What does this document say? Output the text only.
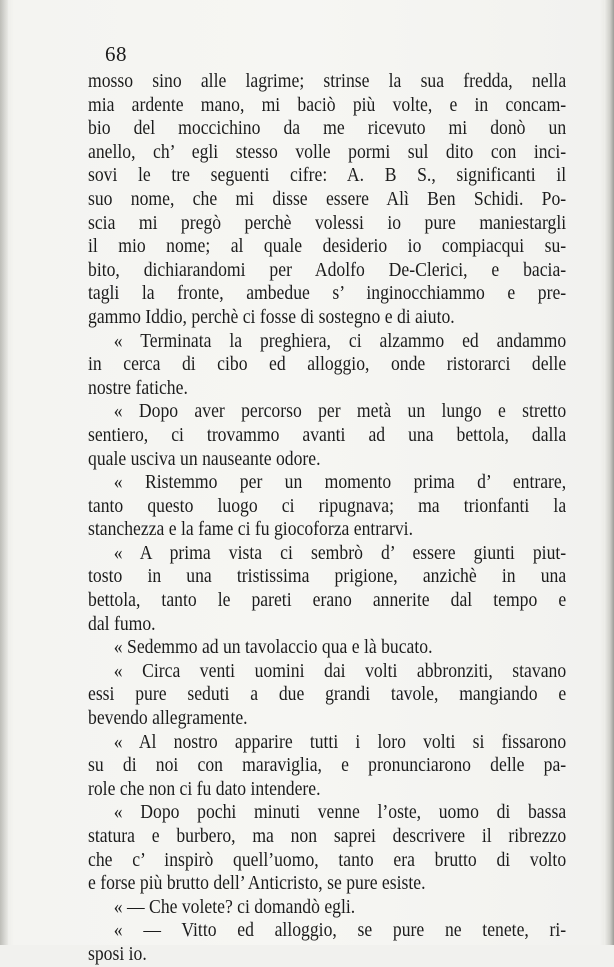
68
mosso sino alle lagrime; strinse la sua fredda, nella
mia ardente mano, mi baciò più volte, e in concam-
bio del moccichino da me ricevuto mi donò un
anello, ch’ egli stesso volle pormi sul dito con inci-
sovi le tre seguenti cifre: A. B S., significanti il
suo nome, che mi disse essere Alì Ben Schidi. Po-
scia mi pregò perchè volessi io pure maniestargli
il mio nome; al quale desiderio io compiacqui su-
bito, dichiarandomi per Adolfo De-Clerici, e bacia-
tagli la fronte, ambedue s’ inginocchiammo e pre-
gammo Iddio, perchè ci fosse di sostegno e di aiuto.
« Terminata la preghiera, ci alzammo ed andammo
in cerca di cibo ed alloggio, onde ristorarci delle
nostre fatiche.
« Dopo aver percorso per metà un lungo e stretto
sentiero, ci trovammo avanti ad una bettola, dalla
quale usciva un nauseante odore.
« Ristemmo per un momento prima d’ entrare,
tanto questo luogo ci ripugnava; ma trionfanti la
stanchezza e la fame ci fu giocoforza entrarvi.
« A prima vista ci sembrò d’ essere giunti piut-
tosto in una tristissima prigione, anzichè in una
bettola, tanto le pareti erano annerite dal tempo e
dal fumo.
« Sedemmo ad un tavolaccio qua e là bucato.
« Circa venti uomini dai volti abbronziti, stavano
essi pure seduti a due grandi tavole, mangiando e
bevendo allegramente.
« Al nostro apparire tutti i loro volti si fissarono
su di noi con maraviglia, e pronunciarono delle pa-
role che non ci fu dato intendere.
« Dopo pochi minuti venne l’oste, uomo di bassa
statura e burbero, ma non saprei descrivere il ribrezzo
che c’ inspirò quell’uomo, tanto era brutto di volto
e forse più brutto dell’ Anticristo, se pure esiste.
« — Che volete? ci domandò egli.
« — Vitto ed alloggio, se pure ne tenete, ri-
sposi io.
